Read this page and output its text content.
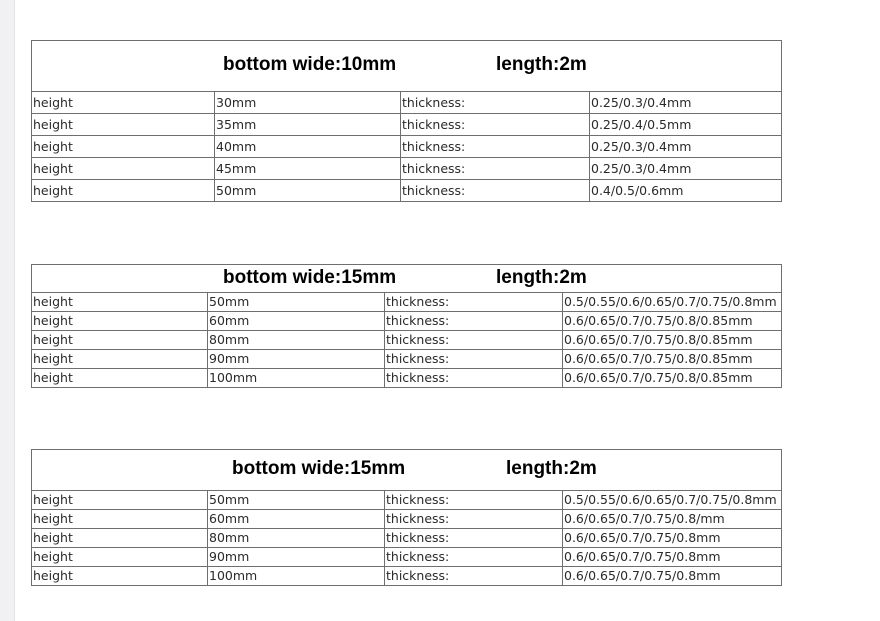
bottom wide:10mm length:2m			

height	30mm	thickness:	0.25/0.3/0.4mm
height	35mm	thickness:	0.25/0.4/0.5mm
height	40mm	thickness:	0.25/0.3/0.4mm
height	45mm	thickness:	0.25/0.3/0.4mm
height	50mm	thickness:	0.4/0.5/0.6mm
bottom wide:15mm length:2m			

height	50mm	thickness:	0.5/0.55/0.6/0.65/0.7/0.75/0.8mm
height	60mm	thickness:	0.6/0.65/0.7/0.75/0.8/0.85mm
height	80mm	thickness:	0.6/0.65/0.7/0.75/0.8/0.85mm
height	90mm	thickness:	0.6/0.65/0.7/0.75/0.8/0.85mm
height	100mm	thickness:	0.6/0.65/0.7/0.75/0.8/0.85mm
bottom wide:15mm length:2m			

height	50mm	thickness:	0.5/0.55/0.6/0.65/0.7/0.75/0.8mm
height	60mm	thickness:	0.6/0.65/0.7/0.75/0.8/mm
height	80mm	thickness:	0.6/0.65/0.7/0.75/0.8mm
height	90mm	thickness:	0.6/0.65/0.7/0.75/0.8mm
height	100mm	thickness:	0.6/0.65/0.7/0.75/0.8mm
